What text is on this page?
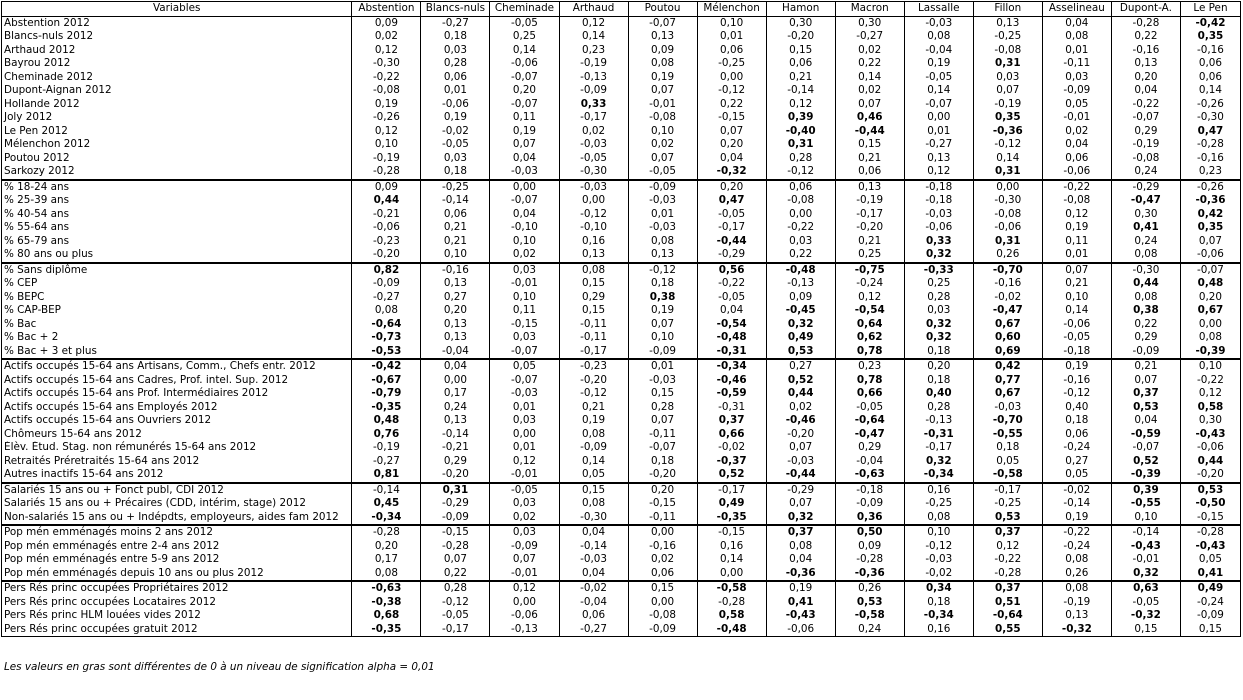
Variables	Abstention	Blancs-nuls	Cheminade	Arthaud	Poutou	Mélenchon	Hamon	Macron	Lassalle	Fillon	Asselineau	Dupont-A.	Le Pen
Abstention 2012	0,09	-0,27	-0,05	0,12	-0,07	0,10	0,30	0,30	-0,03	0,13	0,04	-0,28	-0,42
Blancs-nuls 2012	0,02	0,18	0,25	0,14	0,13	0,01	-0,20	-0,27	0,08	-0,25	0,08	0,22	0,35
Arthaud 2012	0,12	0,03	0,14	0,23	0,09	0,06	0,15	0,02	-0,04	-0,08	0,01	-0,16	-0,16
Bayrou 2012	-0,30	0,28	-0,06	-0,19	0,08	-0,25	0,06	0,22	0,19	0,31	-0,11	0,13	0,06
Cheminade 2012	-0,22	0,06	-0,07	-0,13	0,19	0,00	0,21	0,14	-0,05	0,03	0,03	0,20	0,06
Dupont-Aignan 2012	-0,08	0,01	0,20	-0,09	0,07	-0,12	-0,14	0,02	0,14	0,07	-0,09	0,04	0,14
Hollande 2012	0,19	-0,06	-0,07	0,33	-0,01	0,22	0,12	0,07	-0,07	-0,19	0,05	-0,22	-0,26
Joly 2012	-0,26	0,19	0,11	-0,17	-0,08	-0,15	0,39	0,46	0,00	0,35	-0,01	-0,07	-0,30
Le Pen 2012	0,12	-0,02	0,19	0,02	0,10	0,07	-0,40	-0,44	0,01	-0,36	0,02	0,29	0,47
Mélenchon 2012	0,10	-0,05	0,07	-0,03	0,02	0,20	0,31	0,15	-0,27	-0,12	0,04	-0,19	-0,28
Poutou 2012	-0,19	0,03	0,04	-0,05	0,07	0,04	0,28	0,21	0,13	0,14	0,06	-0,08	-0,16
Sarkozy 2012	-0,28	0,18	-0,03	-0,30	-0,05	-0,32	-0,12	0,06	0,12	0,31	-0,06	0,24	0,23
% 18-24 ans	0,09	-0,25	0,00	-0,03	-0,09	0,20	0,06	0,13	-0,18	0,00	-0,22	-0,29	-0,26
% 25-39 ans	0,44	-0,14	-0,07	0,00	-0,03	0,47	-0,08	-0,19	-0,18	-0,30	-0,08	-0,47	-0,36
% 40-54 ans	-0,21	0,06	0,04	-0,12	0,01	-0,05	0,00	-0,17	-0,03	-0,08	0,12	0,30	0,42
% 55-64 ans	-0,06	0,21	-0,10	-0,10	-0,03	-0,17	-0,22	-0,20	-0,06	-0,06	0,19	0,41	0,35
% 65-79 ans	-0,23	0,21	0,10	0,16	0,08	-0,44	0,03	0,21	0,33	0,31	0,11	0,24	0,07
% 80 ans ou plus	-0,20	0,10	0,02	0,13	0,13	-0,29	0,22	0,25	0,32	0,26	0,01	0,08	-0,06
% Sans diplôme	0,82	-0,16	0,03	0,08	-0,12	0,56	-0,48	-0,75	-0,33	-0,70	0,07	-0,30	-0,07
% CEP	-0,09	0,13	-0,01	0,15	0,18	-0,22	-0,13	-0,24	0,25	-0,16	0,21	0,44	0,48
% BEPC	-0,27	0,27	0,10	0,29	0,38	-0,05	0,09	0,12	0,28	-0,02	0,10	0,08	0,20
% CAP-BEP	0,08	0,20	0,11	0,15	0,19	0,04	-0,45	-0,54	0,03	-0,47	0,14	0,38	0,67
% Bac	-0,64	0,13	-0,15	-0,11	0,07	-0,54	0,32	0,64	0,32	0,67	-0,06	0,22	0,00
% Bac + 2	-0,73	0,13	0,03	-0,11	0,10	-0,48	0,49	0,62	0,32	0,60	-0,05	0,29	0,08
% Bac + 3 et plus	-0,53	-0,04	-0,07	-0,17	-0,09	-0,31	0,53	0,78	0,18	0,69	-0,18	-0,09	-0,39
Actifs occupés 15-64 ans Artisans, Comm., Chefs entr. 2012	-0,42	0,04	0,05	-0,23	0,01	-0,34	0,27	0,23	0,20	0,42	0,19	0,21	0,10
Actifs occupés 15-64 ans Cadres, Prof. intel. Sup. 2012	-0,67	0,00	-0,07	-0,20	-0,03	-0,46	0,52	0,78	0,18	0,77	-0,16	0,07	-0,22
Actifs occupés 15-64 ans Prof. Intermédiaires 2012	-0,79	0,17	-0,03	-0,12	0,15	-0,59	0,44	0,66	0,40	0,67	-0,12	0,37	0,12
Actifs occupés 15-64 ans Employés 2012	-0,35	0,24	0,01	0,21	0,28	-0,31	0,02	-0,05	0,28	-0,03	0,40	0,53	0,58
Actifs occupés 15-64 ans Ouvriers 2012	0,48	0,13	0,03	0,19	0,07	0,37	-0,46	-0,64	-0,13	-0,70	0,18	0,04	0,30
Chômeurs 15-64 ans 2012	0,76	-0,14	0,00	0,08	-0,11	0,66	-0,20	-0,47	-0,31	-0,55	0,06	-0,59	-0,43
Élèv. Étud. Stag. non rémunérés 15-64 ans 2012	-0,19	-0,21	0,01	-0,09	-0,07	-0,02	0,07	0,29	-0,17	0,18	-0,24	-0,07	-0,06
Retraités Préretraités 15-64 ans 2012	-0,27	0,29	0,12	0,14	0,18	-0,37	-0,03	-0,04	0,32	0,05	0,27	0,52	0,44
Autres inactifs 15-64 ans 2012	0,81	-0,20	-0,01	0,05	-0,20	0,52	-0,44	-0,63	-0,34	-0,58	0,05	-0,39	-0,20
Salariés 15 ans ou + Fonct publ, CDI 2012	-0,14	0,31	-0,05	0,15	0,20	-0,17	-0,29	-0,18	0,16	-0,17	-0,02	0,39	0,53
Salariés 15 ans ou + Précaires (CDD, intérim, stage) 2012	0,45	-0,29	0,03	0,08	-0,15	0,49	0,07	-0,09	-0,25	-0,25	-0,14	-0,55	-0,50
Non-salariés 15 ans ou + Indépdts, employeurs, aides fam 2012	-0,34	-0,09	0,02	-0,30	-0,11	-0,35	0,32	0,36	0,08	0,53	0,19	0,10	-0,15
Pop mén emménagés moins 2 ans 2012	-0,28	-0,15	0,03	0,04	0,00	-0,15	0,37	0,50	0,10	0,37	-0,22	-0,14	-0,28
Pop mén emménagés entre 2-4 ans 2012	0,20	-0,28	-0,09	-0,14	-0,16	0,16	0,08	0,09	-0,12	0,12	-0,24	-0,43	-0,43
Pop mén emménagés entre 5-9 ans 2012	0,17	0,07	0,07	-0,03	0,02	0,14	0,04	-0,28	-0,03	-0,22	0,08	-0,01	0,05
Pop mén emménagés depuis 10 ans ou plus 2012	0,08	0,22	-0,01	0,04	0,06	0,00	-0,36	-0,36	-0,02	-0,28	0,26	0,32	0,41
Pers Rés princ occupées Propriétaires 2012	-0,63	0,28	0,12	-0,02	0,15	-0,58	0,19	0,26	0,34	0,37	0,08	0,63	0,49
Pers Rés princ occupées Locataires 2012	-0,38	-0,12	0,00	-0,04	0,00	-0,28	0,41	0,53	0,18	0,51	-0,19	-0,05	-0,24
Pers Rés princ HLM louées vides 2012	0,68	-0,05	-0,06	0,06	-0,08	0,58	-0,43	-0,58	-0,34	-0,64	0,13	-0,32	-0,09
Pers Rés princ occupées gratuit 2012	-0,35	-0,17	-0,13	-0,27	-0,09	-0,48	-0,06	0,24	0,16	0,55	-0,32	0,15	0,15
Les valeurs en gras sont différentes de 0 à un niveau de signification alpha = 0,01
